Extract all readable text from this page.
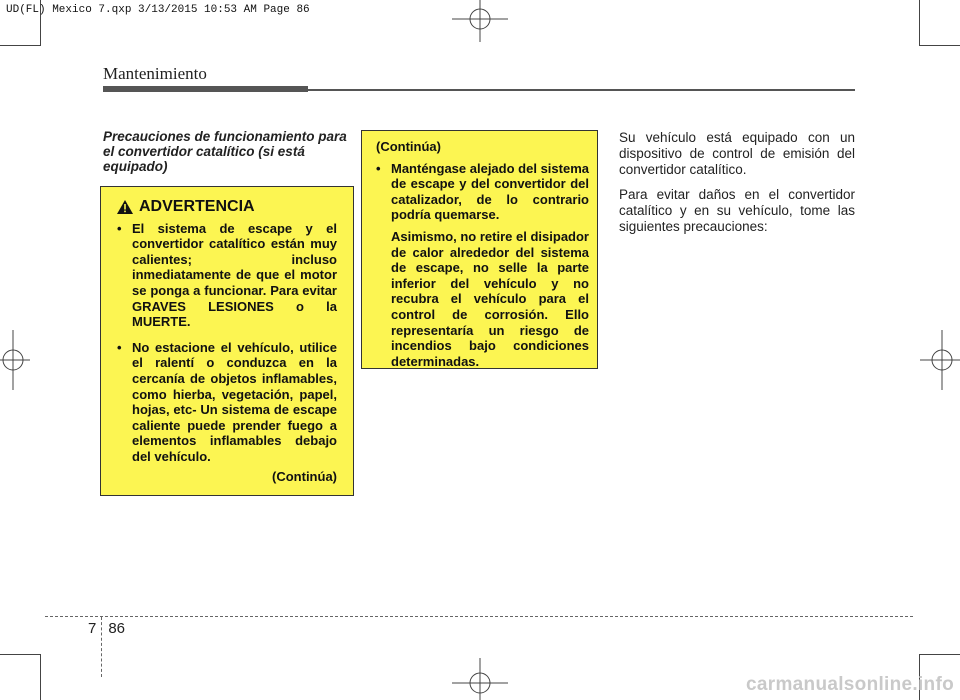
UD(FL) Mexico 7.qxp 3/13/2015 10:53 AM Page 86
Mantenimiento
Precauciones de funcionamiento para el convertidor catalítico (si está equipado)
ADVERTENCIA
• El sistema de escape y el convertidor catalítico están muy calientes; incluso inmediatamente de que el motor se ponga a funcionar. Para evitar GRAVES LESIONES o la MUERTE.
• No estacione el vehículo, utilice el ralentí o conduzca en la cercanía de objetos inflamables, como hierba, vegetación, papel, hojas, etc- Un sistema de escape caliente puede prender fuego a elementos inflamables debajo del vehículo.
(Continúa)
(Continúa)
• Manténgase alejado del sistema de escape y del convertidor del catalizador, de lo contrario podría quemarse.
Asimismo, no retire el disipador de calor alrededor del sistema de escape, no selle la parte inferior del vehículo y no recubra el vehículo para el control de corrosión. Ello representaría un riesgo de incendios bajo condiciones determinadas.

Su vehículo está equipado con un dispositivo de control de emisión del convertidor catalítico.

Para evitar daños en el convertidor catalítico y en su vehículo, tome las siguientes precauciones:

7 86
carmanualsonline.info
